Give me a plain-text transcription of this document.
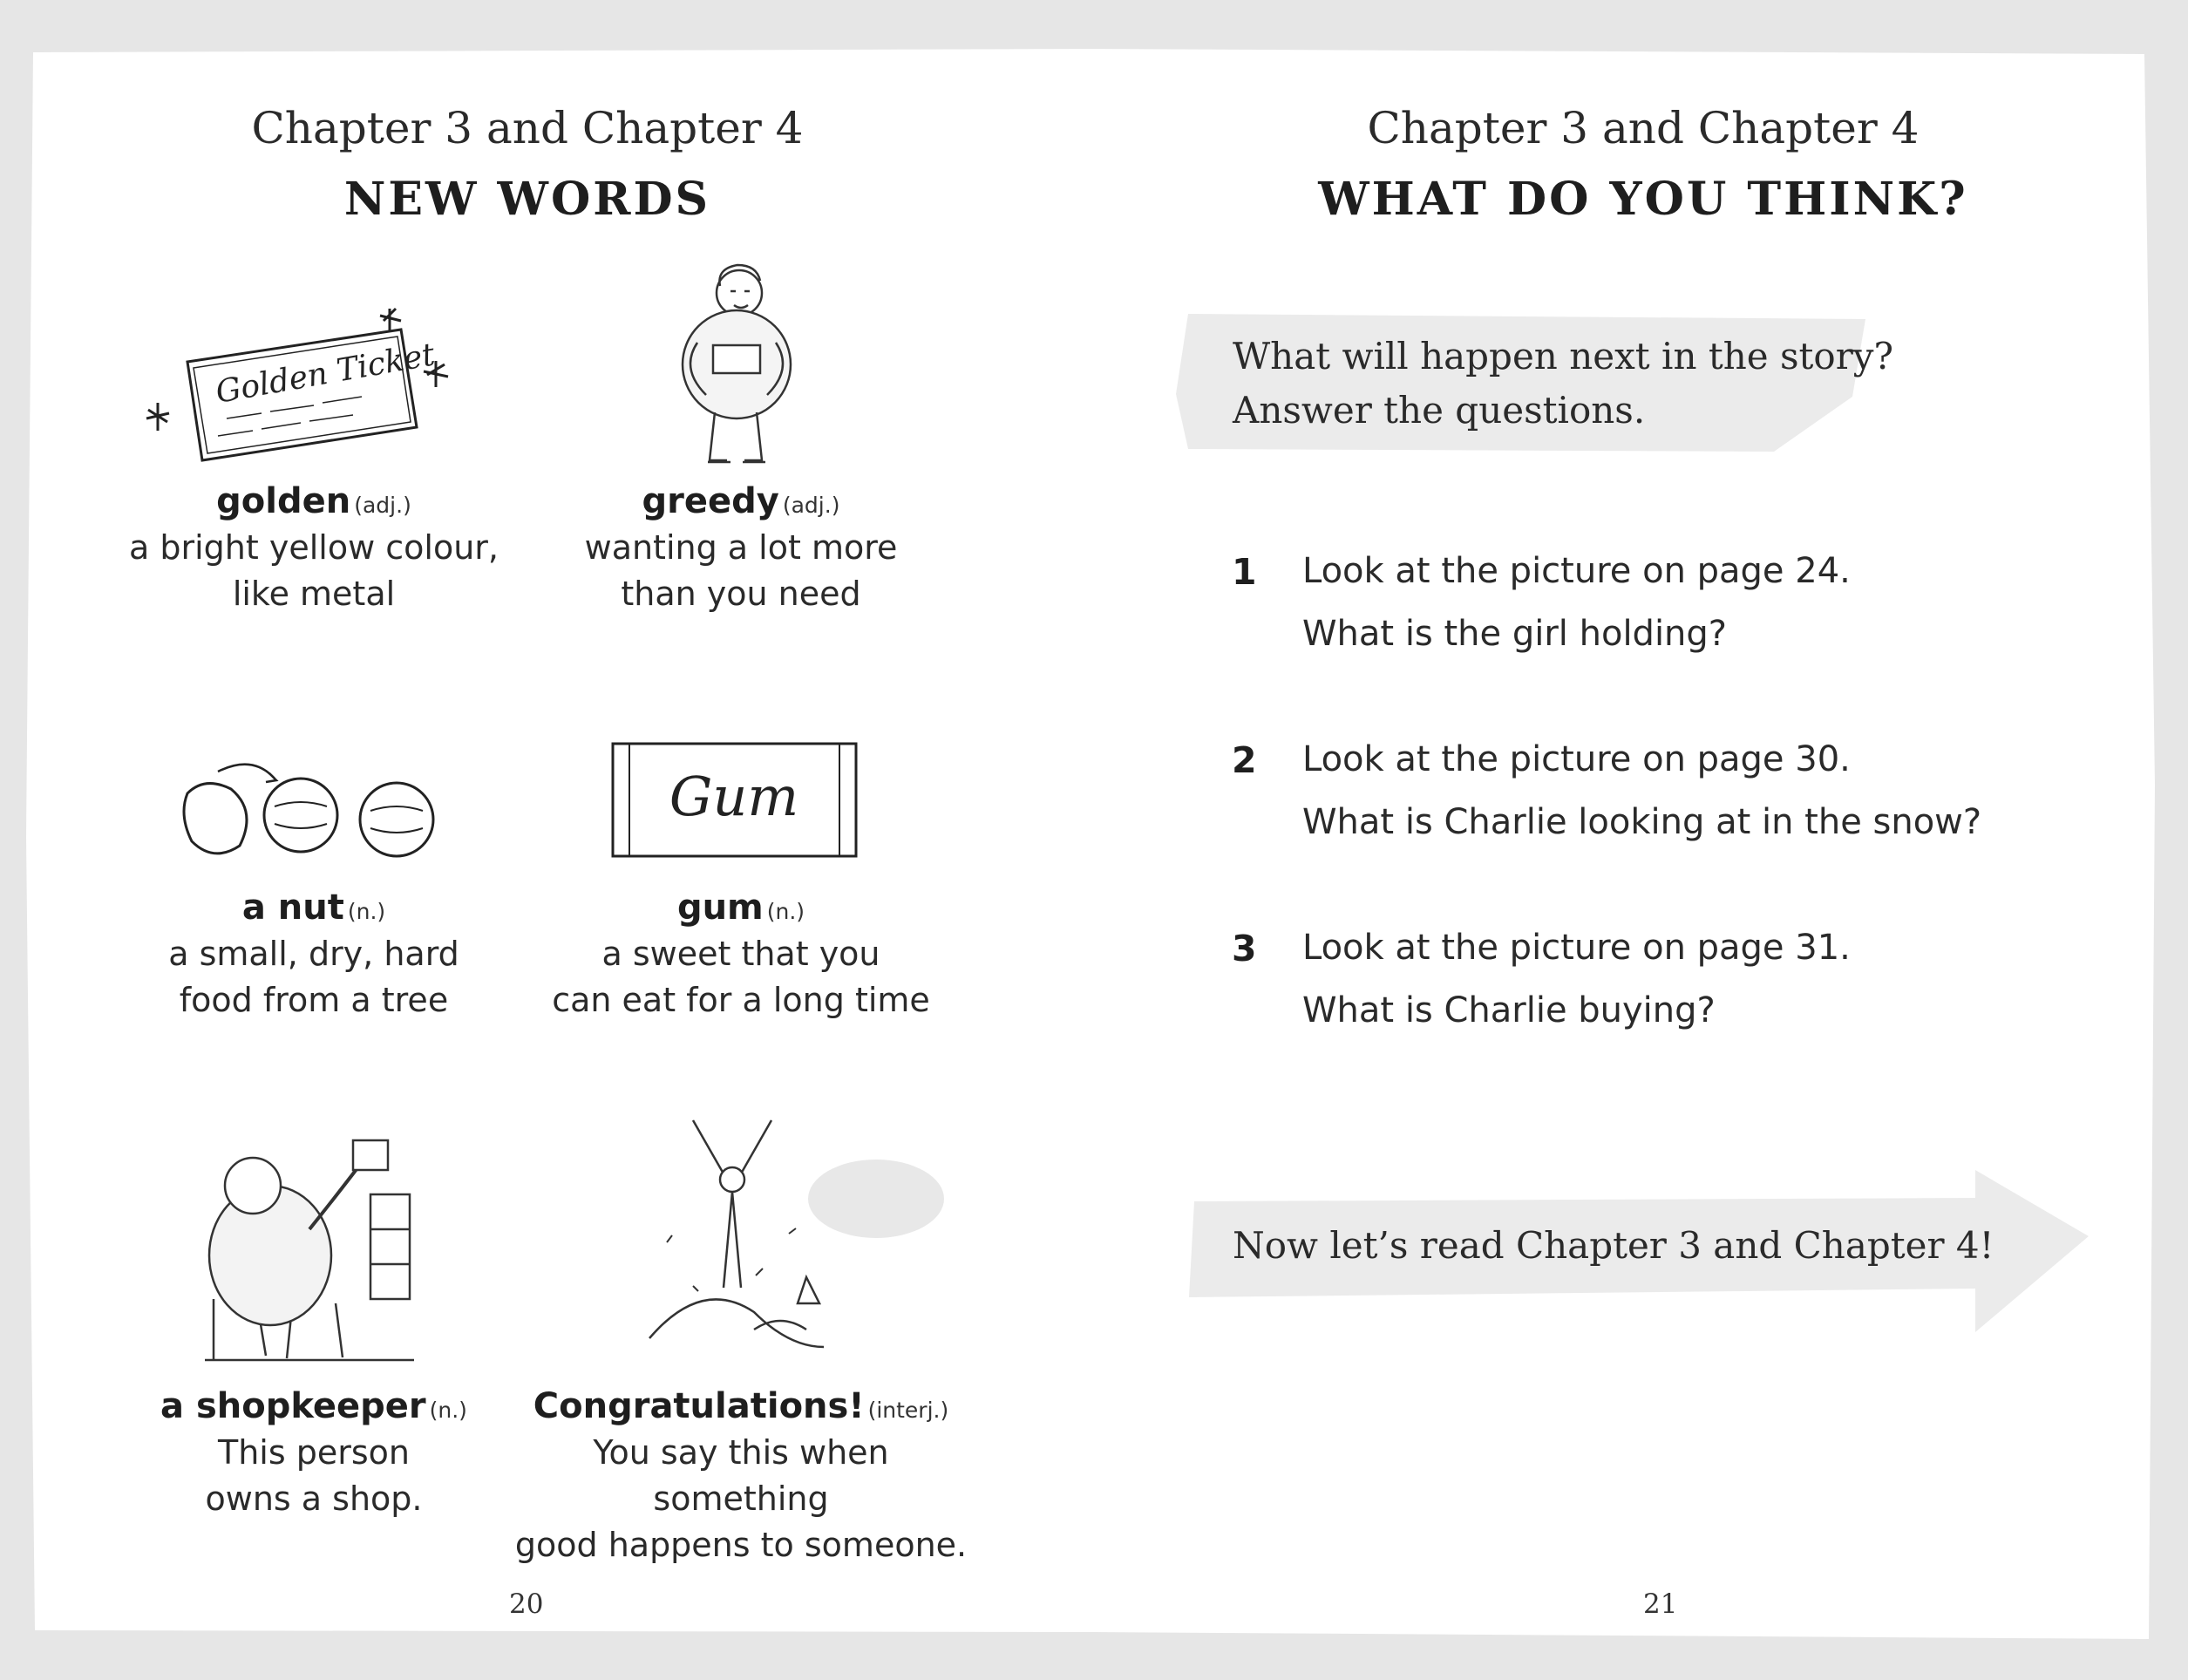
Chapter 3 and Chapter 4
NEW WORDS
Golden Ticket
golden (adj.)
a bright yellow colour,
like metal
greedy (adj.)
wanting a lot more
than you need
Gum
a nut (n.)
a small, dry, hard
food from a tree
gum (n.)
a sweet that you
can eat for a long time
a shopkeeper (n.)
This person
owns a shop.
Congratulations! (interj.)
You say this when something
good happens to someone.
20
Chapter 3 and Chapter 4
WHAT DO YOU THINK?
What will happen next in the story?
Answer the questions.
1 Look at the picture on page 24.
What is the girl holding?
2 Look at the picture on page 30.
What is Charlie looking at in the snow?
3 Look at the picture on page 31.
What is Charlie buying?
Now let’s read Chapter 3 and Chapter 4!
21
